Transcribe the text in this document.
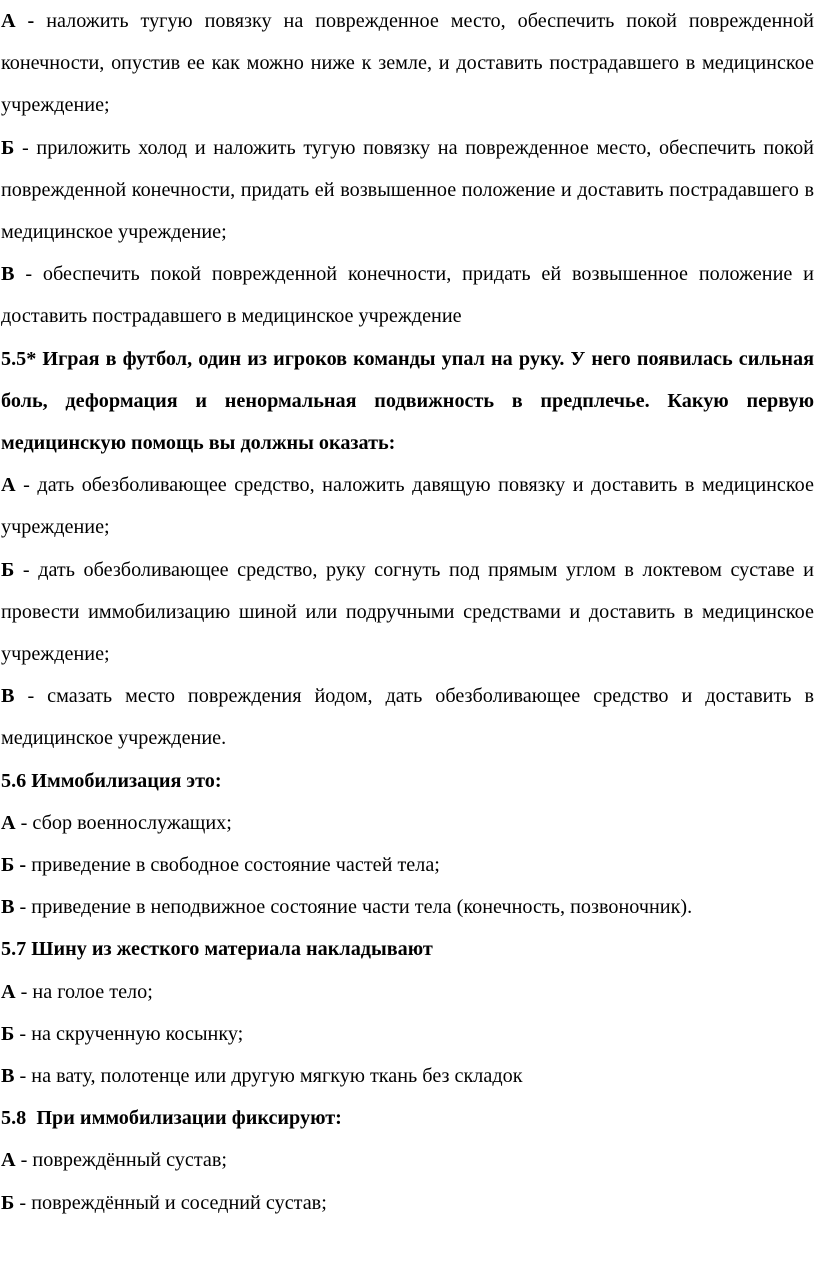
А - наложить тугую повязку на поврежденное место, обеспечить покой поврежденной конечности, опустив ее как можно ниже к земле, и доставить пострадавшего в медицинское учреждение;

Б - приложить холод и наложить тугую повязку на поврежденное место, обеспечить покой поврежденной конечности, придать ей возвышенное положение и доставить пострадавшего в медицинское учреждение;

В - обеспечить покой поврежденной конечности, придать ей возвышенное положение и доставить пострадавшего в медицинское учреждение

5.5* Играя в футбол, один из игроков команды упал на руку. У него появилась сильная боль, деформация и ненормальная подвижность в предплечье. Какую первую медицинскую помощь вы должны оказать:

А - дать обезболивающее средство, наложить давящую повязку и доставить в медицинское учреждение;

Б - дать обезболивающее средство, руку согнуть под прямым углом в локтевом суставе и провести иммобилизацию шиной или подручными средствами и доставить в медицинское учреждение;

В - смазать место повреждения йодом, дать обезболивающее средство и доставить в медицинское учреждение.

5.6 Иммобилизация это:

А - сбор военнослужащих;

Б - приведение в свободное состояние частей тела;

В - приведение в неподвижное состояние части тела (конечность, позвоночник).

5.7 Шину из жесткого материала накладывают

А - на голое тело;

Б - на скрученную косынку;

В - на вату, полотенце или другую мягкую ткань без складок

5.8  При иммобилизации фиксируют:

А - повреждённый сустав;

Б - повреждённый и соседний сустав;
